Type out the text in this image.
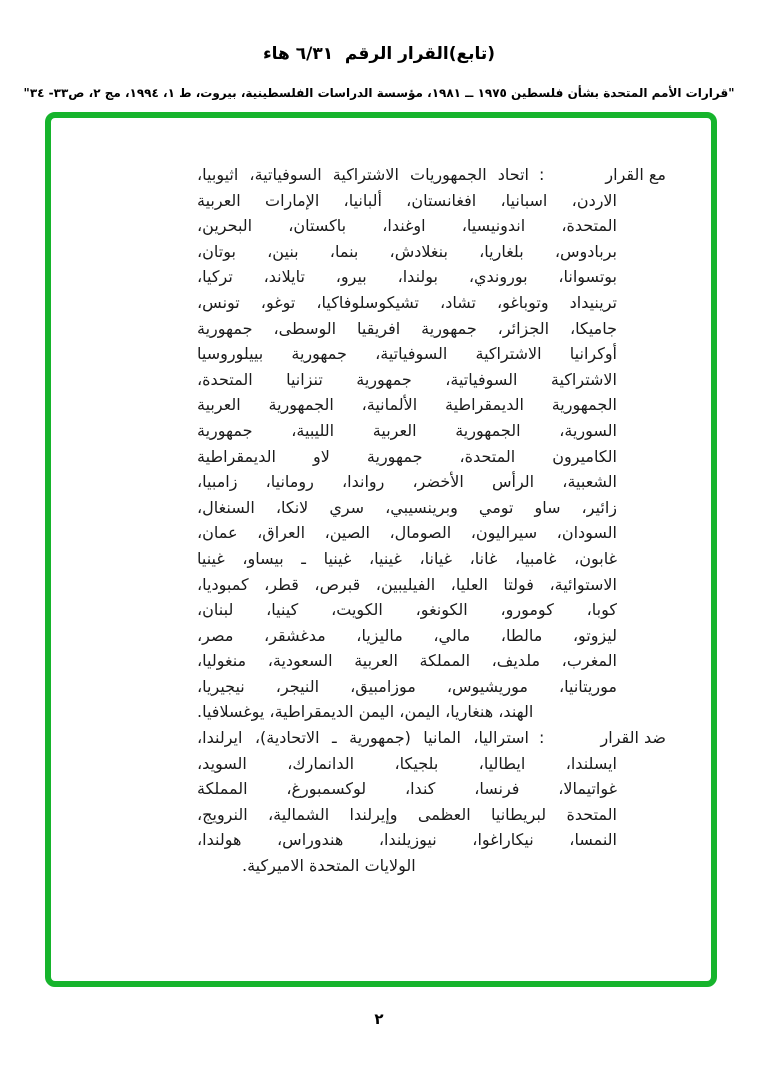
(تابع)القرار الرقم  ٦/٣١ هاء
"قرارات الأمم المتحدة بشأن فلسطين ١٩٧٥ ــ ١٩٨١، مؤسسة الدراسات الفلسطينية، بيروت، ط ١، ١٩٩٤، مج ٢، ص٣٣- ٣٤"
مع القرار
:
اتحاد الجمهوريات الاشتراكية السوفياتية، اثيوبيا،
الاردن، اسبانيا، افغانستان، ألبانيا، الإمارات العربية
المتحدة، اندونيسيا، اوغندا، باكستان، البحرين،
بربادوس، بلغاريا، بنغلادش، بنما، بنين، بوتان،
بوتسوانا، بوروندي، بولندا، بيرو، تايلاند، تركيا،
ترينيداد وتوباغو، تشاد، تشيكوسلوفاكيا، توغو، تونس،
جاميكا، الجزائر، جمهورية افريقيا الوسطى، جمهورية
أوكرانيا الاشتراكية السوفياتية، جمهورية بييلوروسيا
الاشتراكية السوفياتية، جمهورية تنزانيا المتحدة،
الجمهورية الديمقراطية الألمانية، الجمهورية العربية
السورية، الجمهورية العربية الليبية، جمهورية
الكاميرون المتحدة، جمهورية لاو الديمقراطية
الشعبية، الرأس الأخضر، رواندا، رومانيا، زامبيا،
زائير، ساو تومي وبرينسيبي، سري لانكا، السنغال،
السودان، سيراليون، الصومال، الصين، العراق، عمان،
غابون، غامبيا، غانا، غيانا، غينيا، غينيا ـ بيساو، غينيا
الاستوائية، فولتا العليا، الفيليبين، قبرص، قطر، كمبوديا،
كوبا، كومورو، الكونغو، الكويت، كينيا، لبنان،
ليزوتو، مالطا، مالي، ماليزيا، مدغشقر، مصر،
المغرب، ملديف، المملكة العربية السعودية، منغوليا،
موريتانيا، موريشيوس، موزامبيق، النيجر، نيجيريا،
الهند، هنغاريا، اليمن، اليمن الديمقراطية، يوغسلافيا.
ضد القرار
:
استراليا، المانيا (جمهورية ـ الاتحادية)، ايرلندا،
ايسلندا، ايطاليا، بلجيكا، الدانمارك، السويد،
غواتيمالا، فرنسا، كندا، لوكسمبورغ، المملكة
المتحدة لبريطانيا العظمى وإيرلندا الشمالية، النرويج،
النمسا، نيكاراغوا، نيوزيلندا، هندوراس، هولندا،
الولايات المتحدة الاميركية.
٢
